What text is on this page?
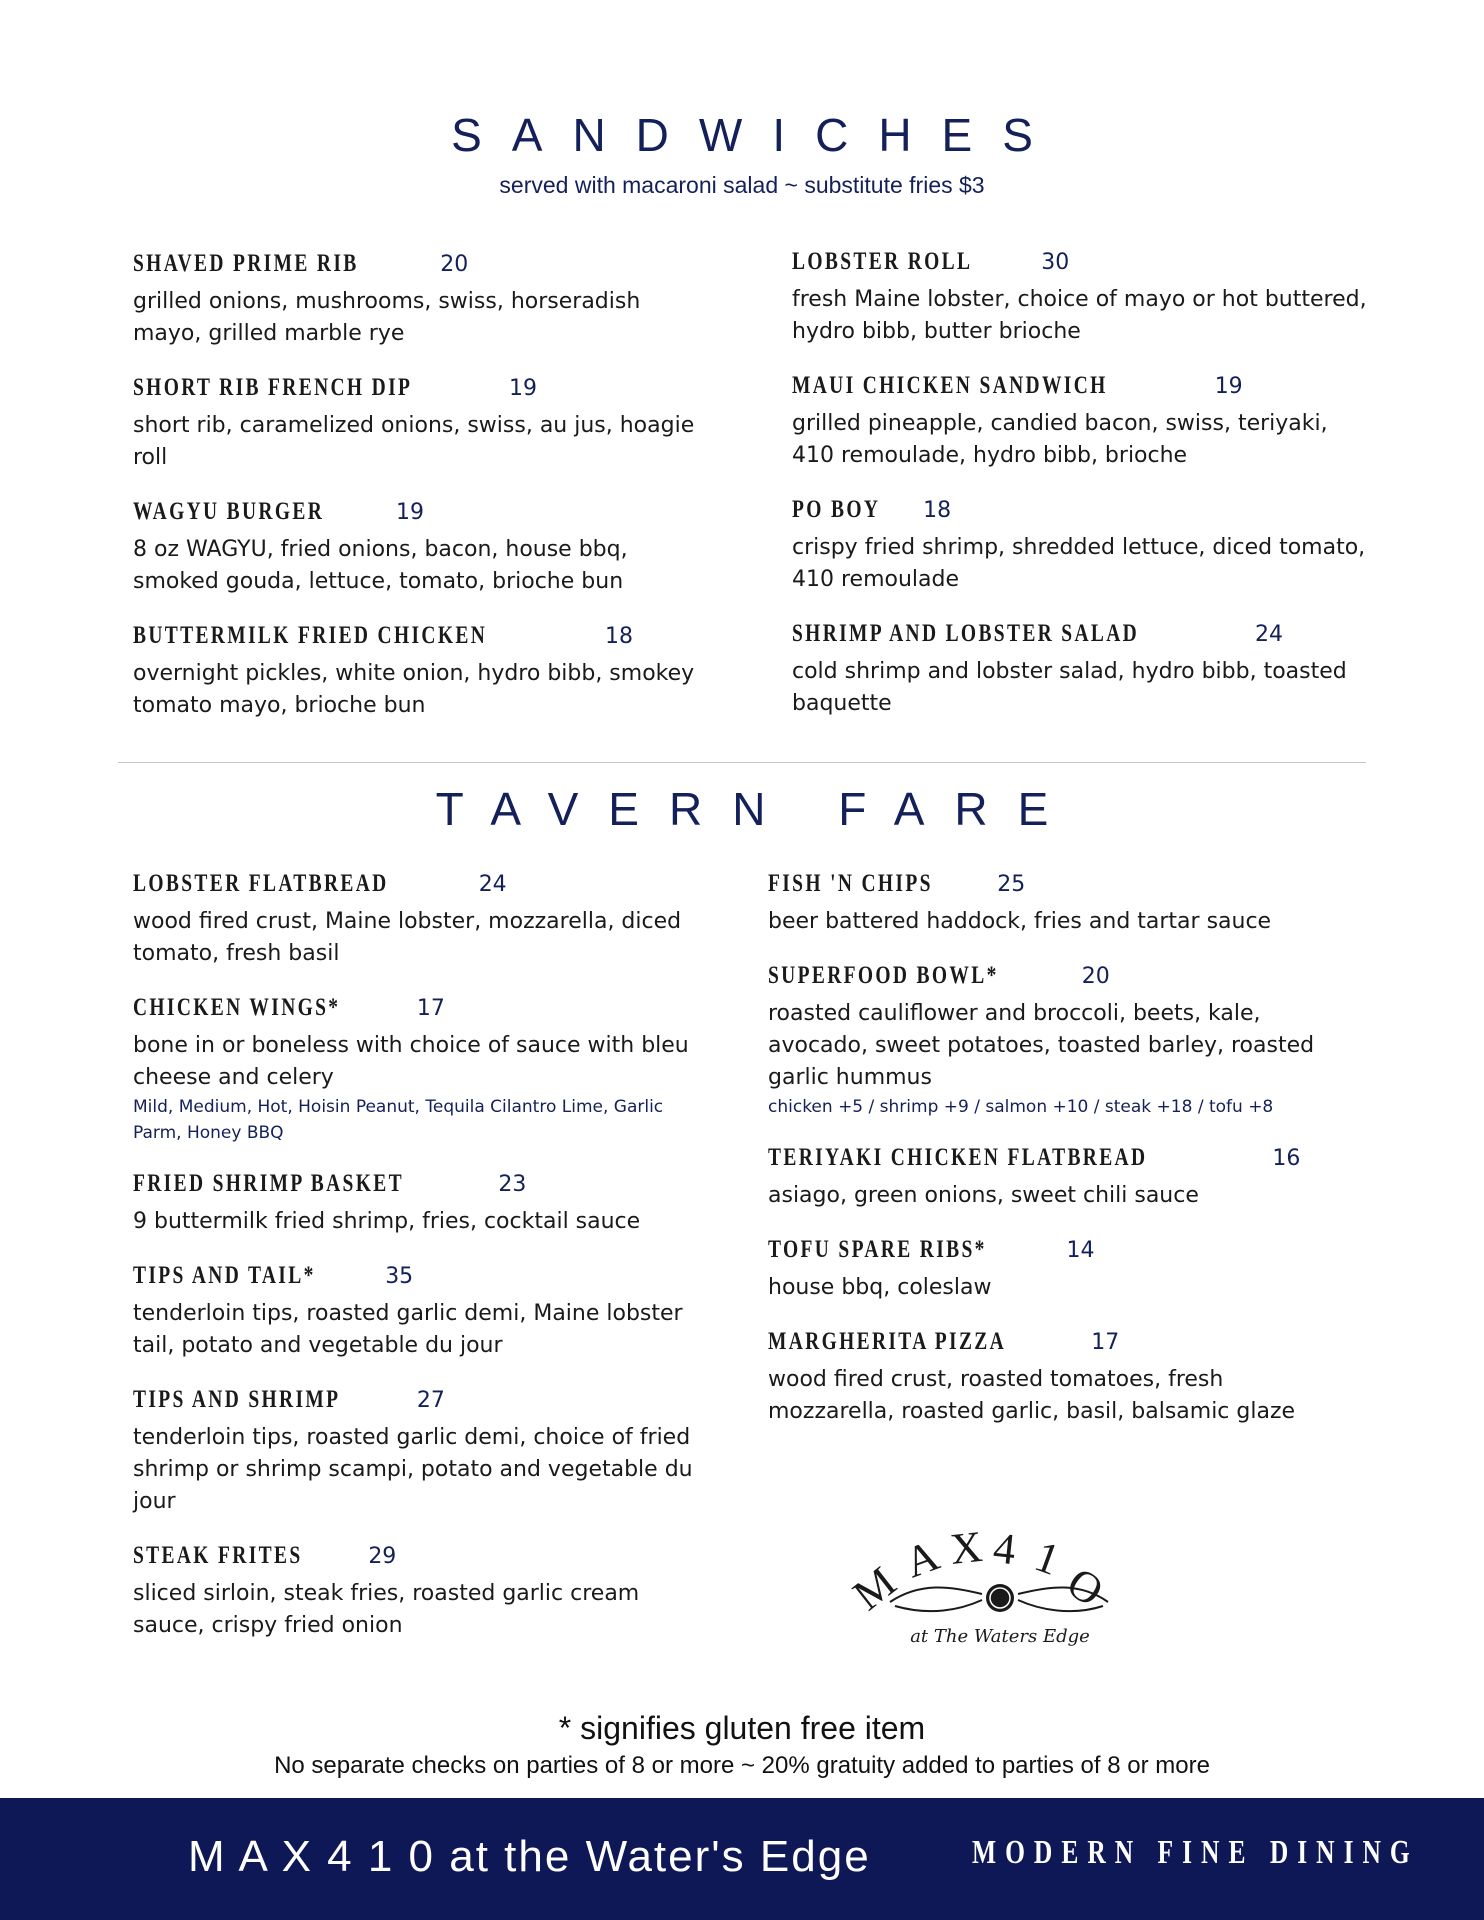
SANDWICHES
served with macaroni salad ~ substitute fries $3
SHAVED PRIME RIB	20
grilled onions, mushrooms, swiss, horseradish mayo, grilled marble rye
SHORT RIB FRENCH DIP	19
short rib, caramelized onions, swiss, au jus, hoagie roll
WAGYU BURGER	19
8 oz WAGYU, fried onions, bacon, house bbq, smoked gouda, lettuce, tomato, brioche bun
BUTTERMILK FRIED CHICKEN	18
overnight pickles, white onion, hydro bibb, smokey tomato mayo, brioche bun
LOBSTER ROLL	30
fresh Maine lobster, choice of mayo or hot buttered, hydro bibb, butter brioche
MAUI CHICKEN SANDWICH	19
grilled pineapple, candied bacon, swiss, teriyaki, 410 remoulade, hydro bibb, brioche
PO BOY 18
crispy fried shrimp, shredded lettuce, diced tomato, 410 remoulade
SHRIMP AND LOBSTER SALAD	24
cold shrimp and lobster salad, hydro bibb, toasted baquette
TAVERN FARE
LOBSTER FLATBREAD	24
wood fired crust, Maine lobster, mozzarella, diced tomato, fresh basil
CHICKEN WINGS*	17
bone in or boneless with choice of sauce with bleu cheese and celery
Mild, Medium, Hot, Hoisin Peanut, Tequila Cilantro Lime, Garlic Parm, Honey BBQ
FRIED SHRIMP BASKET	23
9 buttermilk fried shrimp, fries, cocktail sauce
TIPS AND TAIL*	35
tenderloin tips, roasted garlic demi, Maine lobster tail, potato and vegetable du jour
TIPS AND SHRIMP	27
tenderloin tips, roasted garlic demi, choice of fried shrimp or shrimp scampi, potato and vegetable du jour
STEAK FRITES	29
sliced sirloin, steak fries, roasted garlic cream sauce, crispy fried onion
FISH 'N CHIPS	25
beer battered haddock, fries and tartar sauce
SUPERFOOD BOWL*	20
roasted cauliflower and broccoli, beets, kale, avocado, sweet potatoes, toasted barley, roasted garlic hummus
chicken +5 / shrimp +9 / salmon +10 / steak +18 / tofu +8
TERIYAKI CHICKEN FLATBREAD	16
asiago, green onions, sweet chili sauce
TOFU SPARE RIBS*	14
house bbq, coleslaw
MARGHERITA PIZZA	17
wood fired crust, roasted tomatoes, fresh mozzarella, roasted garlic, basil, balsamic glaze
M
A X 4 1
O
at The Waters Edge
* signifies gluten free item
No separate checks on parties of 8 or more ~ 20% gratuity added to parties of 8 or more
M A X 4 1 0 at the Water's Edge	MODERN FINE DINING
